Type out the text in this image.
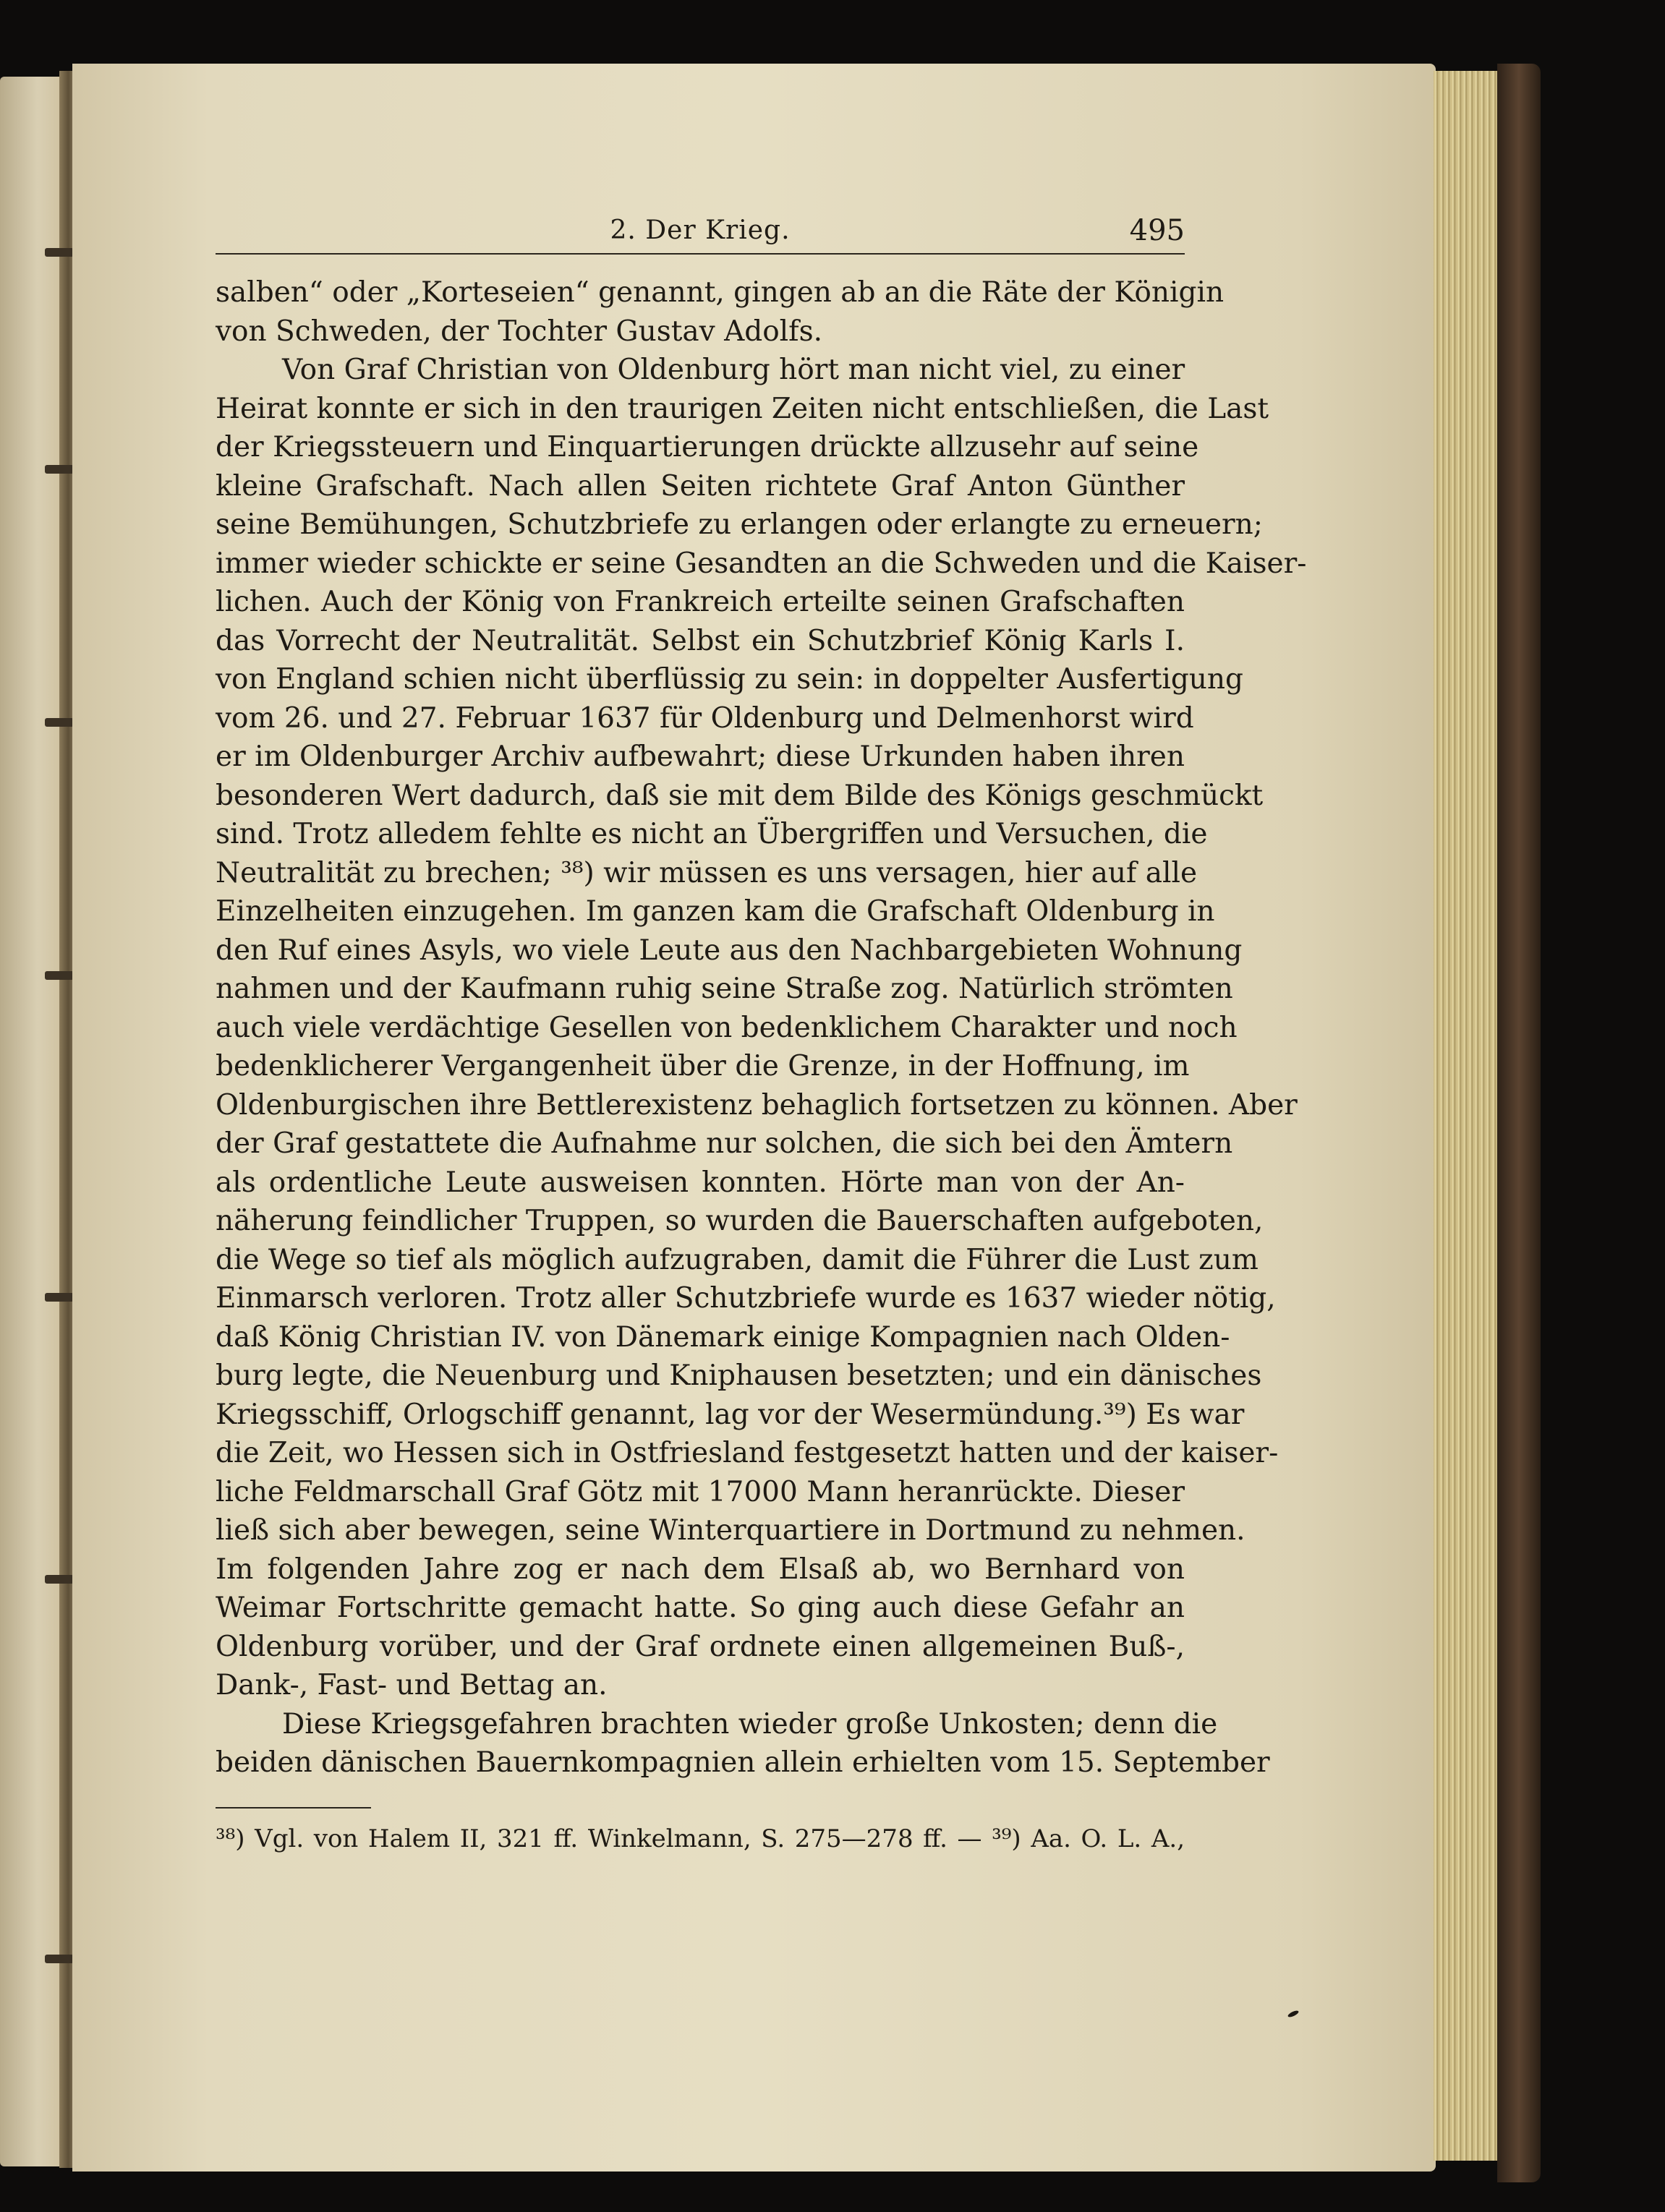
2. Der Krieg.	495
salben“ oder „Korteseien“ genannt, gingen ab an die Räte der Königin
von Schweden, der Tochter Gustav Adolfs.
Von Graf Christian von Oldenburg hört man nicht viel, zu einer
Heirat konnte er sich in den traurigen Zeiten nicht entschließen, die Last
der Kriegssteuern und Einquartierungen drückte allzusehr auf seine
kleine Grafschaft. Nach allen Seiten richtete Graf Anton Günther
seine Bemühungen, Schutzbriefe zu erlangen oder erlangte zu erneuern;
immer wieder schickte er seine Gesandten an die Schweden und die Kaiser-
lichen. Auch der König von Frankreich erteilte seinen Grafschaften
das Vorrecht der Neutralität. Selbst ein Schutzbrief König Karls I.
von England schien nicht überflüssig zu sein: in doppelter Ausfertigung
vom 26. und 27. Februar 1637 für Oldenburg und Delmenhorst wird
er im Oldenburger Archiv aufbewahrt; diese Urkunden haben ihren
besonderen Wert dadurch, daß sie mit dem Bilde des Königs geschmückt
sind. Trotz alledem fehlte es nicht an Übergriffen und Versuchen, die
Neutralität zu brechen; ³⁸) wir müssen es uns versagen, hier auf alle
Einzelheiten einzugehen. Im ganzen kam die Grafschaft Oldenburg in
den Ruf eines Asyls, wo viele Leute aus den Nachbargebieten Wohnung
nahmen und der Kaufmann ruhig seine Straße zog. Natürlich strömten
auch viele verdächtige Gesellen von bedenklichem Charakter und noch
bedenklicherer Vergangenheit über die Grenze, in der Hoffnung, im
Oldenburgischen ihre Bettlerexistenz behaglich fortsetzen zu können. Aber
der Graf gestattete die Aufnahme nur solchen, die sich bei den Ämtern
als ordentliche Leute ausweisen konnten. Hörte man von der An-
näherung feindlicher Truppen, so wurden die Bauerschaften aufgeboten,
die Wege so tief als möglich aufzugraben, damit die Führer die Lust zum
Einmarsch verloren. Trotz aller Schutzbriefe wurde es 1637 wieder nötig,
daß König Christian IV. von Dänemark einige Kompagnien nach Olden-
burg legte, die Neuenburg und Kniphausen besetzten; und ein dänisches
Kriegsschiff, Orlogschiff genannt, lag vor der Wesermündung.³⁹) Es war
die Zeit, wo Hessen sich in Ostfriesland festgesetzt hatten und der kaiser-
liche Feldmarschall Graf Götz mit 17000 Mann heranrückte. Dieser
ließ sich aber bewegen, seine Winterquartiere in Dortmund zu nehmen.
Im folgenden Jahre zog er nach dem Elsaß ab, wo Bernhard von
Weimar Fortschritte gemacht hatte. So ging auch diese Gefahr an
Oldenburg vorüber, und der Graf ordnete einen allgemeinen Buß-,
Dank-, Fast- und Bettag an.
Diese Kriegsgefahren brachten wieder große Unkosten; denn die
beiden dänischen Bauernkompagnien allein erhielten vom 15. September
³⁸) Vgl. von Halem II, 321 ff. Winkelmann, S. 275—278 ff. — ³⁹) Aa. O. L. A.,
